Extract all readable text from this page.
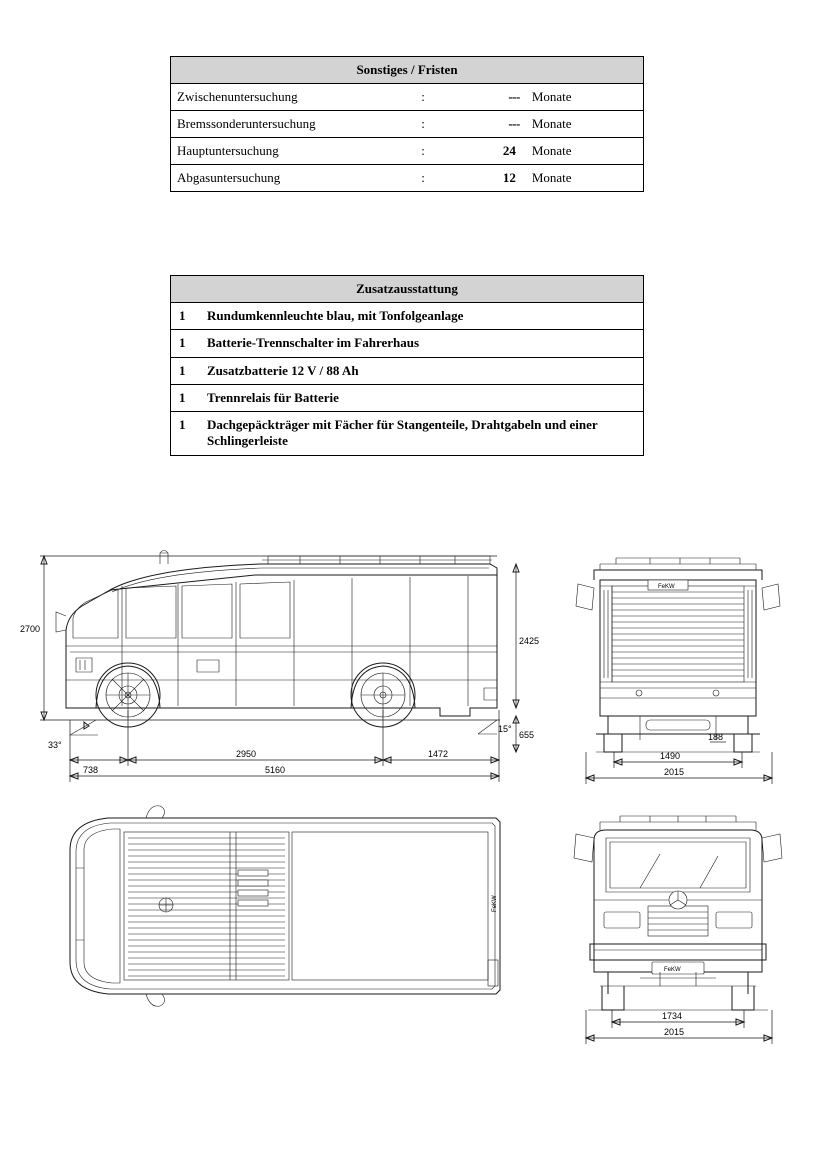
Sonstiges / Fristen			
Zwischenuntersuchung	:	---	Monate
Bremssonderuntersuchung	:	---	Monate
Hauptuntersuchung	:	24	Monate
Abgasuntersuchung	:	12	Monate
Zusatzausstattung	
1	Rundumkennleuchte blau, mit Tonfolgeanlage
1	Batterie-Trennschalter im Fahrerhaus
1	Zusatzbatterie 12 V / 88 Ah
1	Trennrelais für Batterie
1	Dachgepäckträger mit Fächer für Stangenteile, Drahtgabeln und einer Schlingerleiste
2700
2425
655
33°
15°
738
2950	1472
5160
FeKW
1490
2015
188
FeKW
FeKW
1734
2015
